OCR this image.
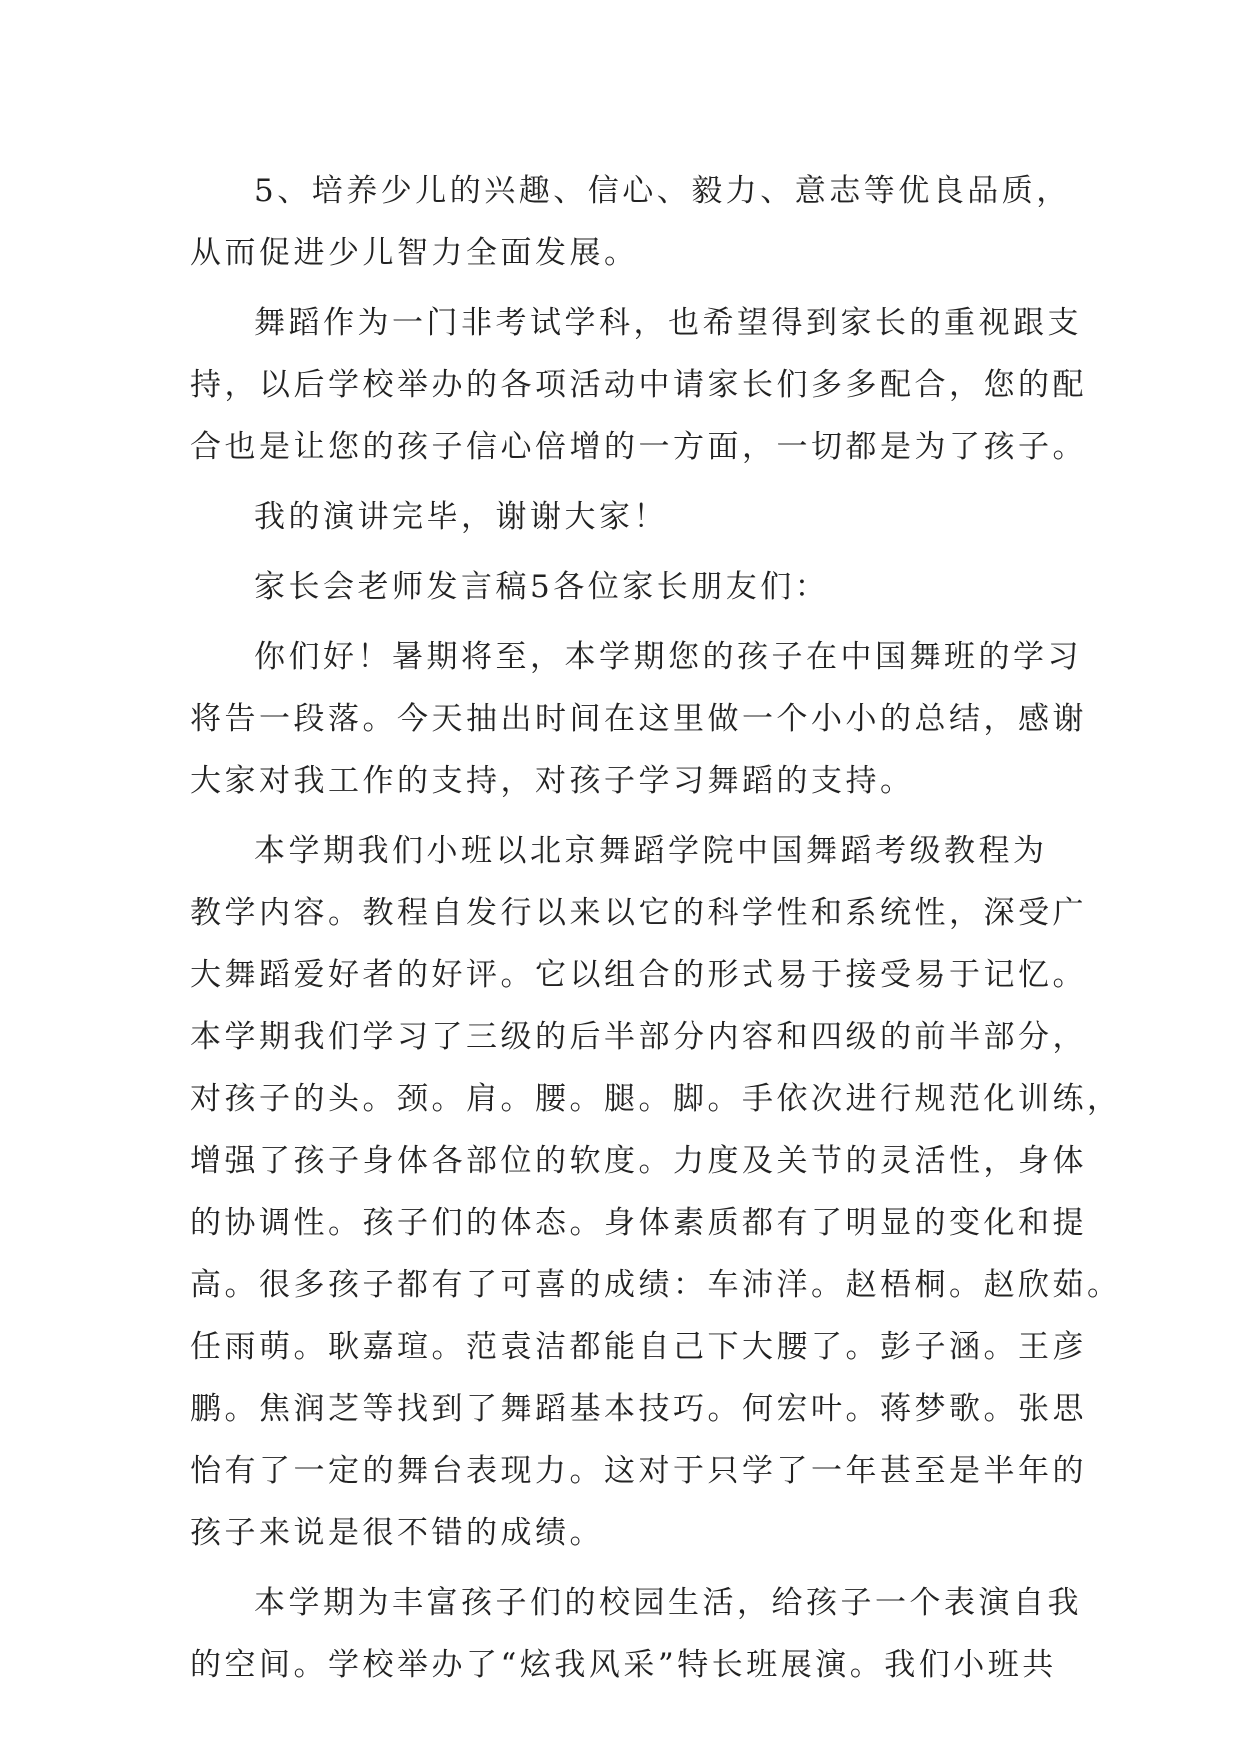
5、培养少儿的兴趣、信心、毅力、意志等优良品质，
从而促进少儿智力全面发展。
舞蹈作为一门非考试学科，也希望得到家长的重视跟支
持，以后学校举办的各项活动中请家长们多多配合，您的配
合也是让您的孩子信心倍增的一方面，一切都是为了孩子。
我的演讲完毕，谢谢大家！
家长会老师发言稿5各位家长朋友们：
你们好！暑期将至，本学期您的孩子在中国舞班的学习
将告一段落。今天抽出时间在这里做一个小小的总结，感谢
大家对我工作的支持，对孩子学习舞蹈的支持。
本学期我们小班以北京舞蹈学院中国舞蹈考级教程为
教学内容。教程自发行以来以它的科学性和系统性，深受广
大舞蹈爱好者的好评。它以组合的形式易于接受易于记忆。
本学期我们学习了三级的后半部分内容和四级的前半部分，
对孩子的头。颈。肩。腰。腿。脚。手依次进行规范化训练，
增强了孩子身体各部位的软度。力度及关节的灵活性，身体
的协调性。孩子们的体态。身体素质都有了明显的变化和提
高。很多孩子都有了可喜的成绩：车沛洋。赵梧桐。赵欣茹。
任雨萌。耿嘉瑄。范袁洁都能自己下大腰了。彭子涵。王彦
鹏。焦润芝等找到了舞蹈基本技巧。何宏叶。蒋梦歌。张思
怡有了一定的舞台表现力。这对于只学了一年甚至是半年的
孩子来说是很不错的成绩。
本学期为丰富孩子们的校园生活，给孩子一个表演自我
的空间。学校举办了“炫我风采”特长班展演。我们小班共
